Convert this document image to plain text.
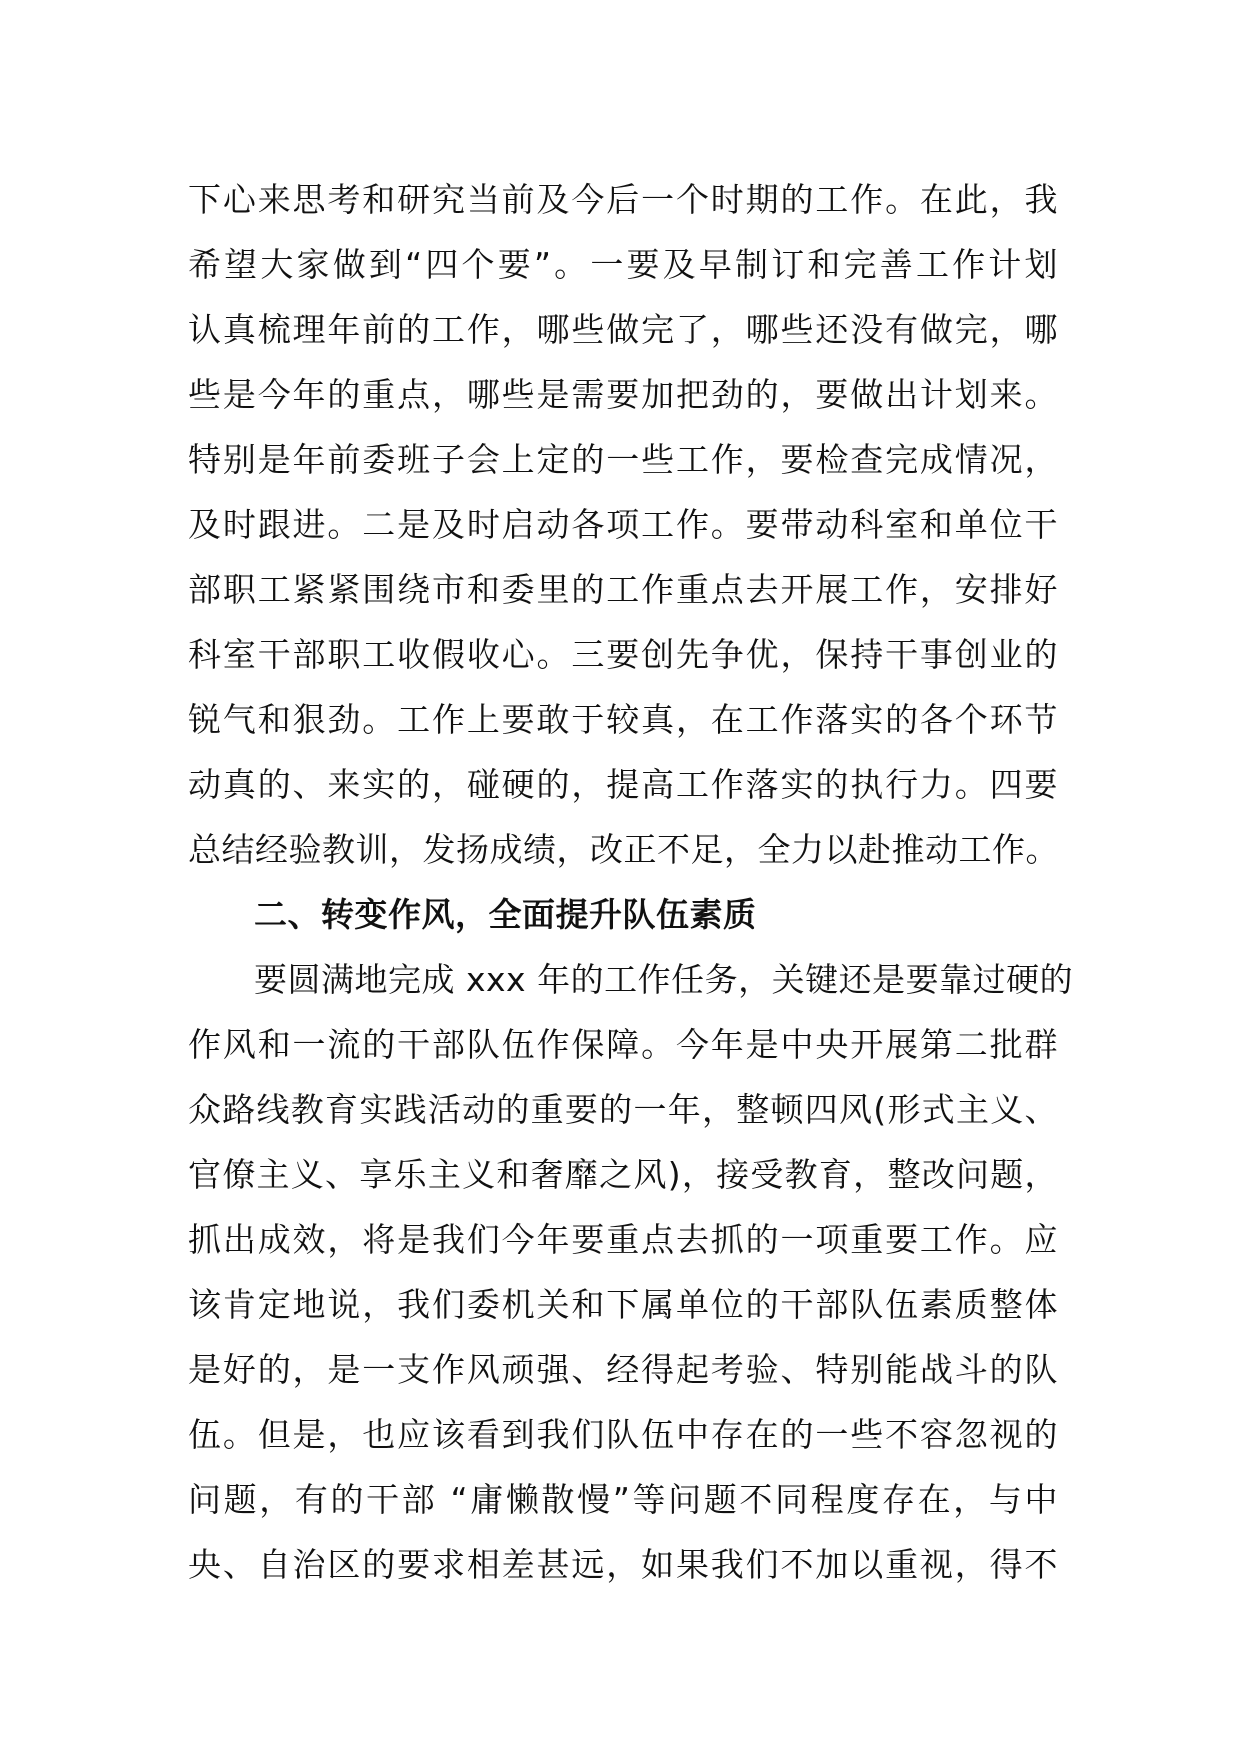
下心来思考和研究当前及今后一个时期的工作。在此，我
希望大家做到“四个要”。一要及早制订和完善工作计划
认真梳理年前的工作，哪些做完了，哪些还没有做完，哪
些是今年的重点，哪些是需要加把劲的，要做出计划来。
特别是年前委班子会上定的一些工作，要检查完成情况，
及时跟进。二是及时启动各项工作。要带动科室和单位干
部职工紧紧围绕市和委里的工作重点去开展工作，安排好
科室干部职工收假收心。三要创先争优，保持干事创业的
锐气和狠劲。工作上要敢于较真，在工作落实的各个环节
动真的、来实的，碰硬的，提高工作落实的执行力。四要
总结经验教训，发扬成绩，改正不足，全力以赴推动工作。
二、转变作风，全面提升队伍素质
要圆满地完成 xxx 年的工作任务，关键还是要靠过硬的
作风和一流的干部队伍作保障。今年是中央开展第二批群
众路线教育实践活动的重要的一年，整顿四风(形式主义、
官僚主义、享乐主义和奢靡之风)，接受教育，整改问题，
抓出成效，将是我们今年要重点去抓的一项重要工作。应
该肯定地说，我们委机关和下属单位的干部队伍素质整体
是好的，是一支作风顽强、经得起考验、特别能战斗的队
伍。但是，也应该看到我们队伍中存在的一些不容忽视的
问题，有的干部 “庸懒散慢”等问题不同程度存在，与中
央、自治区的要求相差甚远，如果我们不加以重视，得不
